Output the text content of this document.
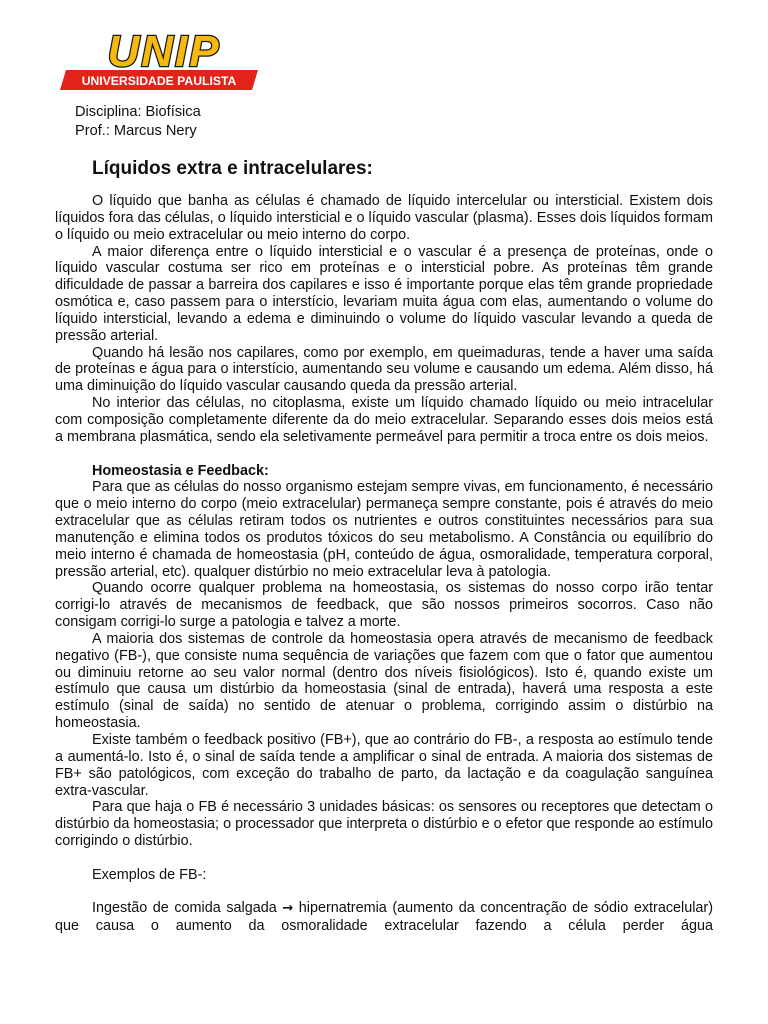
UNIP
UNIVERSIDADE PAULISTA
Disciplina: Biofísica
Prof.: Marcus Nery
Líquidos extra e intracelulares:

O líquido que banha as células é chamado de líquido intercelular ou intersticial. Existem dois líquidos fora das células, o líquido intersticial e o líquido vascular (plasma). Esses dois líquidos formam o líquido ou meio extracelular ou meio interno do corpo.

A maior diferença entre o líquido intersticial e o vascular é a presença de proteínas, onde o líquido vascular costuma ser rico em proteínas e o intersticial pobre. As proteínas têm grande dificuldade de passar a barreira dos capilares e isso é importante porque elas têm grande propriedade osmótica e, caso passem para o interstício, levariam muita água com elas, aumentando o volume do líquido intersticial, levando a edema e diminuindo o volume do líquido vascular levando a queda de pressão arterial.

Quando há lesão nos capilares, como por exemplo, em queimaduras, tende a haver uma saída de proteínas e água para o interstício, aumentando seu volume e causando um edema. Além disso, há uma diminuição do líquido vascular causando queda da pressão arterial.

No interior das células, no citoplasma, existe um líquido chamado líquido ou meio intracelular com composição completamente diferente da do meio extracelular. Separando esses dois meios está a membrana plasmática, sendo ela seletivamente permeável para permitir a troca entre os dois meios.

Homeostasia e Feedback:

Para que as células do nosso organismo estejam sempre vivas, em funcionamento, é necessário que o meio interno do corpo (meio extracelular) permaneça sempre constante, pois é através do meio extracelular que as células retiram todos os nutrientes e outros constituintes necessários para sua manutenção e elimina todos os produtos tóxicos do seu metabolismo. A Constância ou equilíbrio do meio interno é chamada de homeostasia (pH, conteúdo de água, osmoralidade, temperatura corporal, pressão arterial, etc). qualquer distúrbio no meio extracelular leva à patologia.

Quando ocorre qualquer problema na homeostasia, os sistemas do nosso corpo irão tentar corrigi-lo através de mecanismos de feedback, que são nossos primeiros socorros. Caso não consigam corrigi-lo surge a patologia e talvez a morte.

A maioria dos sistemas de controle da homeostasia opera através de mecanismo de feedback negativo (FB-), que consiste numa sequência de variações que fazem com que o fator que aumentou ou diminuiu retorne ao seu valor normal (dentro dos níveis fisiológicos). Isto é, quando existe um estímulo que causa um distúrbio da homeostasia (sinal de entrada), haverá uma resposta a este estímulo (sinal de saída) no sentido de atenuar o problema, corrigindo assim o distúrbio na homeostasia.

Existe também o feedback positivo (FB+), que ao contrário do FB-, a resposta ao estímulo tende a aumentá-lo. Isto é, o sinal de saída tende a amplificar o sinal de entrada. A maioria dos sistemas de FB+ são patológicos, com exceção do trabalho de parto, da lactação e da coagulação sanguínea extra-vascular.

Para que haja o FB é necessário 3 unidades básicas: os sensores ou receptores que detectam o distúrbio da homeostasia; o processador que interpreta o distúrbio e o efetor que responde ao estímulo corrigindo o distúrbio.

Exemplos de FB-:

Ingestão de comida salgada → hipernatremia (aumento da concentração de sódio extracelular) que causa o aumento da osmoralidade extracelular fazendo a célula perder água
